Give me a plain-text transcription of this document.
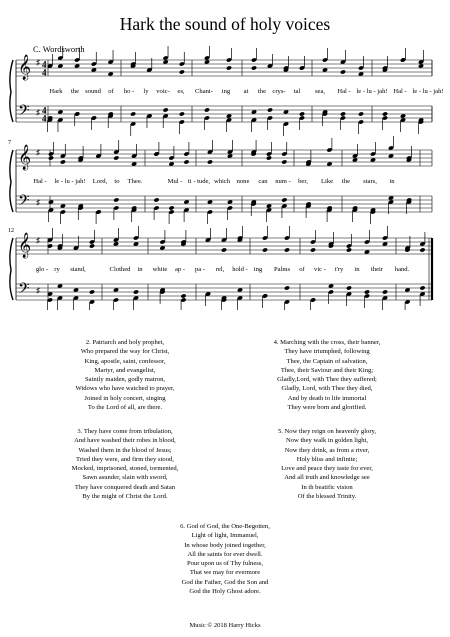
Hark the sound of holy voices
C. Wordsworth
𝄞
𝄢
♯
♯
4
4
4
4
Hark the sound of ho - ly voic- es, Chant- ing at the crys- tal sea, Hal - le - lu - jah! Hal - le - lu - jah!
𝄞
𝄢
♯
♯
7
Hal - le - lu - jah! Lord, to Thee.	Mul - ti - tude, which none can num - ber, Like the stars, in
𝄞
𝄢
♯
♯
12
glo - ry stand,	Clothed in white ap - pa - rel, hold - ing Palms of vic - t'ry in their hand.
2. Patriarch and holy prophet,
Who prepared the way for Christ,
King, apostle, saint, confessor,
Martyr, and evangelist,
Saintly maiden, godly matron,
Widows who have watched to prayer,
Joined in holy concert, singing
To the Lord of all, are there.
3. They have come from tribulation,
And have washed their robes in blood,
Washed them in the blood of Jesus;
Tried they were, and firm they stood,
Mocked, imprisoned, stoned, tormented,
Sawn asunder, slain with sword,
They have conquered death and Satan
By the might of Christ the Lord.
4. Marching with the cross, their banner,
They have triumphed, following
Thee, the Captain of salvation,
Thee, their Saviour and their King;
Gladly,Lord, with Thee they suffered;
Gladly, Lord, with Thee they died,
And by death to life immortal
They were born and glorified.
5. Now they reign on heavenly glory,
Now they walk in golden light,
Now they drink, as from a river,
Holy bliss and infinite;
Love and peace they taste for ever,
And all truth and knowledge see
In th beatific vision
Of the blessed Trinity.
6. God of God, the One-Begotten,
Light of light, Immanuel,
In whose body joined together,
All the saints for ever dwell.
Pour upon us of Thy fulness,
That we may for evermore
God the Father, God the Son and
God the Holy Ghost adore.
Music © 2018 Harry Hicks
